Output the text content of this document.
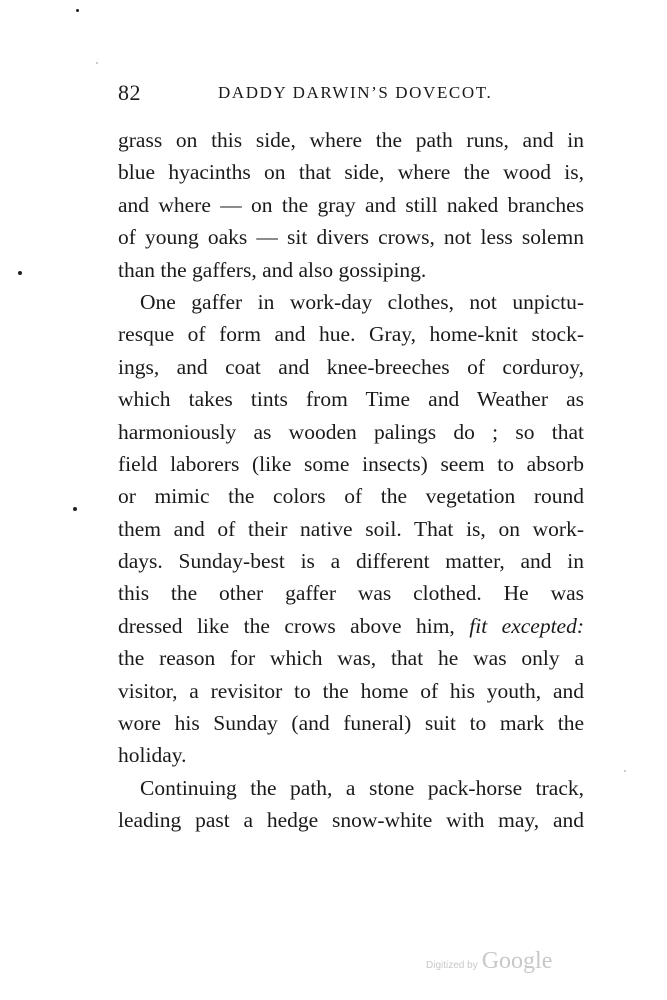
82	DADDY DARWIN’S DOVECOT.
grass on this side, where the path runs, and in
blue hyacinths on that side, where the wood is,
and where — on the gray and still naked branches
of young oaks — sit divers crows, not less solemn
than the gaffers, and also gossiping.
One gaffer in work-day clothes, not unpictu-
resque of form and hue. Gray, home-knit stock-
ings, and coat and knee-breeches of corduroy,
which takes tints from Time and Weather as
harmoniously as wooden palings do ; so that
field laborers (like some insects) seem to absorb
or mimic the colors of the vegetation round
them and of their native soil. That is, on work-
days. Sunday-best is a different matter, and in
this the other gaffer was clothed. He was
dressed like the crows above him, fit excepted:
the reason for which was, that he was only a
visitor, a revisitor to the home of his youth, and
wore his Sunday (and funeral) suit to mark the
holiday.
Continuing the path, a stone pack-horse track,
leading past a hedge snow-white with may, and
Digitized by Google
